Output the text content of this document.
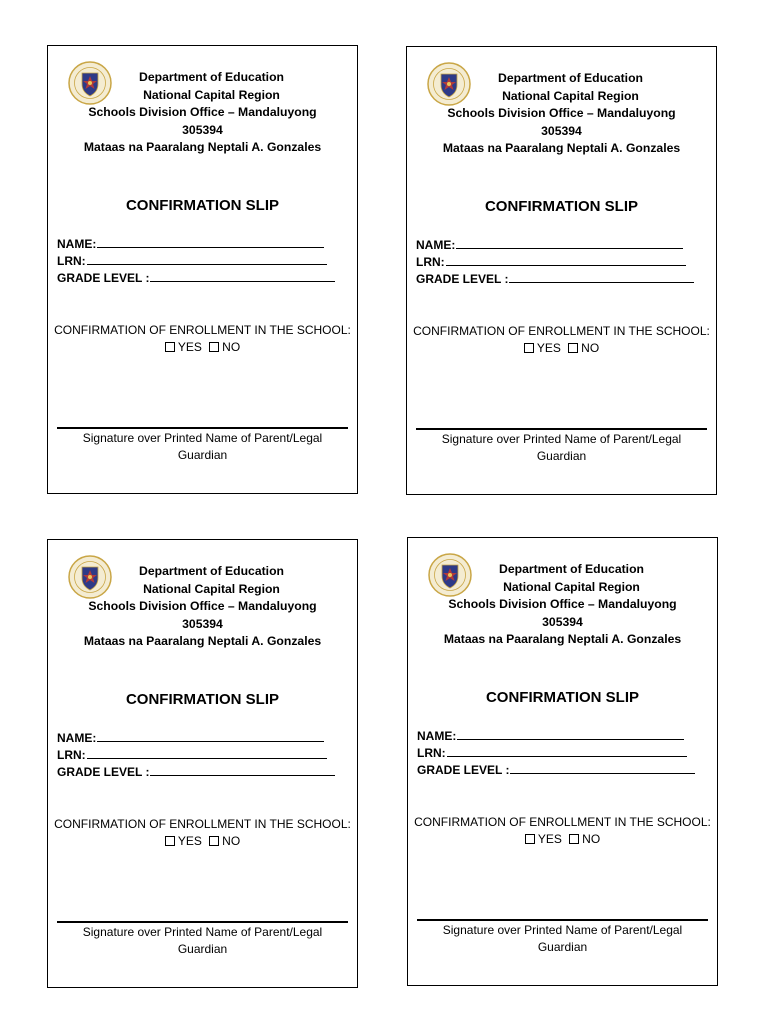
Department of Education
National Capital Region
Schools Division Office – Mandaluyong
305394
Mataas na Paaralang Neptali A. Gonzales
CONFIRMATION SLIP
NAME:
LRN:
GRADE LEVEL :
CONFIRMATION OF ENROLLMENT IN THE SCHOOL:
YES NO
Signature over Printed Name of Parent/Legal Guardian
Department of Education
National Capital Region
Schools Division Office – Mandaluyong
305394
Mataas na Paaralang Neptali A. Gonzales
CONFIRMATION SLIP
NAME:
LRN:
GRADE LEVEL :
CONFIRMATION OF ENROLLMENT IN THE SCHOOL:
YES NO
Signature over Printed Name of Parent/Legal Guardian
Department of Education
National Capital Region
Schools Division Office – Mandaluyong
305394
Mataas na Paaralang Neptali A. Gonzales
CONFIRMATION SLIP
NAME:
LRN:
GRADE LEVEL :
CONFIRMATION OF ENROLLMENT IN THE SCHOOL:
YES NO
Signature over Printed Name of Parent/Legal Guardian
Department of Education
National Capital Region
Schools Division Office – Mandaluyong
305394
Mataas na Paaralang Neptali A. Gonzales
CONFIRMATION SLIP
NAME:
LRN:
GRADE LEVEL :
CONFIRMATION OF ENROLLMENT IN THE SCHOOL:
YES NO
Signature over Printed Name of Parent/Legal Guardian
